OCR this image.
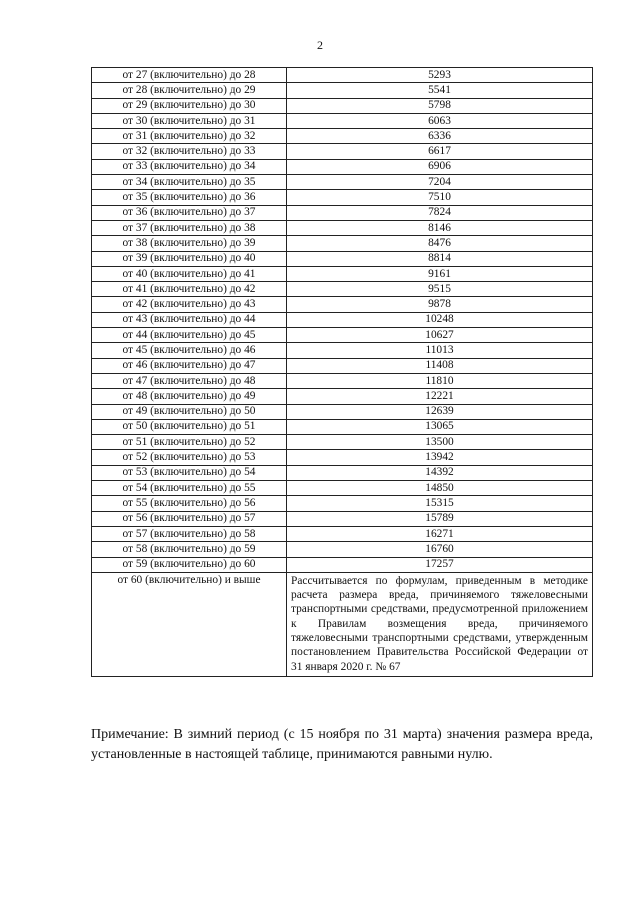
2
от 27 (включительно) до 28	5293
от 28 (включительно) до 29	5541
от 29 (включительно) до 30	5798
от 30 (включительно) до 31	6063
от 31 (включительно) до 32	6336
от 32 (включительно) до 33	6617
от 33 (включительно) до 34	6906
от 34 (включительно) до 35	7204
от 35 (включительно) до 36	7510
от 36 (включительно) до 37	7824
от 37 (включительно) до 38	8146
от 38 (включительно) до 39	8476
от 39 (включительно) до 40	8814
от 40 (включительно) до 41	9161
от 41 (включительно) до 42	9515
от 42 (включительно) до 43	9878
от 43 (включительно) до 44	10248
от 44 (включительно) до 45	10627
от 45 (включительно) до 46	11013
от 46 (включительно) до 47	11408
от 47 (включительно) до 48	11810
от 48 (включительно) до 49	12221
от 49 (включительно) до 50	12639
от 50 (включительно) до 51	13065
от 51 (включительно) до 52	13500
от 52 (включительно) до 53	13942
от 53 (включительно) до 54	14392
от 54 (включительно) до 55	14850
от 55 (включительно) до 56	15315
от 56 (включительно) до 57	15789
от 57 (включительно) до 58	16271
от 58 (включительно) до 59	16760
от 59 (включительно) до 60	17257
от 60 (включительно) и выше	Рассчитывается по формулам, приведенным в методике расчета размера вреда, причиняемого тяжеловесными транспортными средствами, предусмотренной приложением к Правилам возмещения вреда, причиняемого тяжеловесными транспортными средствами, утвержденным постановлением Правительства Российской Федерации от 31 января 2020 г. № 67

Примечание: В зимний период (с 15 ноября по 31 марта) значения размера вреда, установленные в настоящей таблице, принимаются равными нулю.
